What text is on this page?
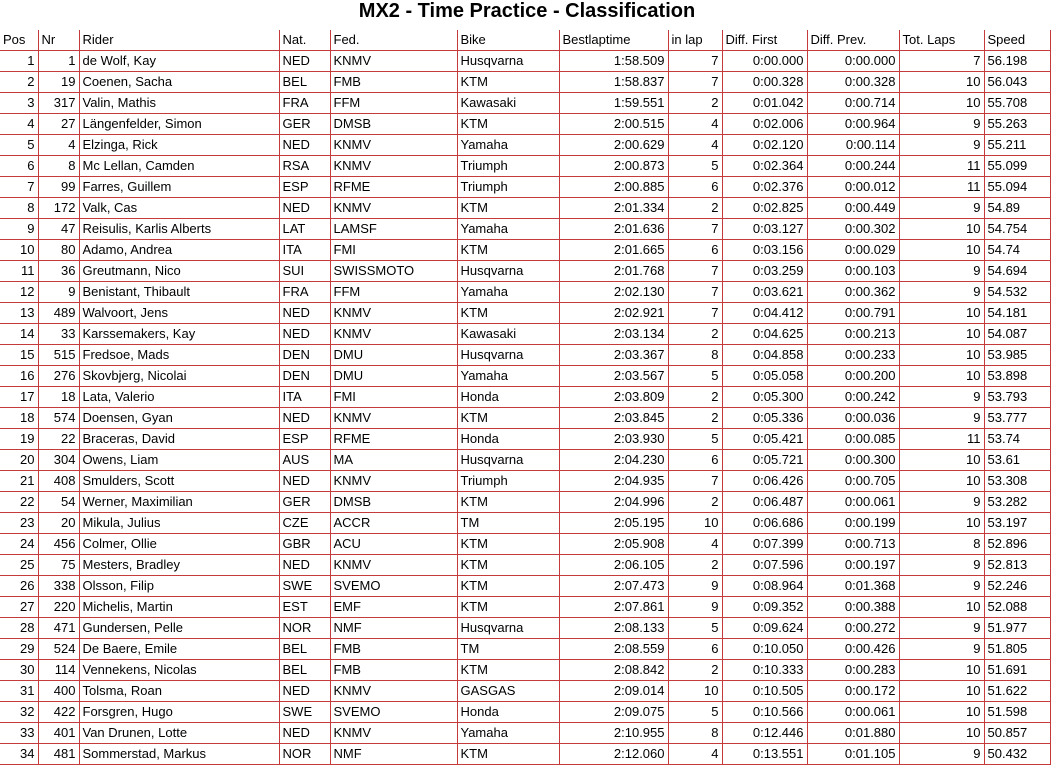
MX2 - Time Practice - Classification
Pos	Nr	Rider	Nat.	Fed.	Bike	Bestlaptime	in lap	Diff. First	Diff. Prev.	Tot. Laps	Speed
1	1	de Wolf, Kay	NED	KNMV	Husqvarna	1:58.509	7	0:00.000	0:00.000	7	56.198
2	19	Coenen, Sacha	BEL	FMB	KTM	1:58.837	7	0:00.328	0:00.328	10	56.043
3	317	Valin, Mathis	FRA	FFM	Kawasaki	1:59.551	2	0:01.042	0:00.714	10	55.708
4	27	Längenfelder, Simon	GER	DMSB	KTM	2:00.515	4	0:02.006	0:00.964	9	55.263
5	4	Elzinga, Rick	NED	KNMV	Yamaha	2:00.629	4	0:02.120	0:00.114	9	55.211
6	8	Mc Lellan, Camden	RSA	KNMV	Triumph	2:00.873	5	0:02.364	0:00.244	11	55.099
7	99	Farres, Guillem	ESP	RFME	Triumph	2:00.885	6	0:02.376	0:00.012	11	55.094
8	172	Valk, Cas	NED	KNMV	KTM	2:01.334	2	0:02.825	0:00.449	9	54.89
9	47	Reisulis, Karlis Alberts	LAT	LAMSF	Yamaha	2:01.636	7	0:03.127	0:00.302	10	54.754
10	80	Adamo, Andrea	ITA	FMI	KTM	2:01.665	6	0:03.156	0:00.029	10	54.74
11	36	Greutmann, Nico	SUI	SWISSMOTO	Husqvarna	2:01.768	7	0:03.259	0:00.103	9	54.694
12	9	Benistant, Thibault	FRA	FFM	Yamaha	2:02.130	7	0:03.621	0:00.362	9	54.532
13	489	Walvoort, Jens	NED	KNMV	KTM	2:02.921	7	0:04.412	0:00.791	10	54.181
14	33	Karssemakers, Kay	NED	KNMV	Kawasaki	2:03.134	2	0:04.625	0:00.213	10	54.087
15	515	Fredsoe, Mads	DEN	DMU	Husqvarna	2:03.367	8	0:04.858	0:00.233	10	53.985
16	276	Skovbjerg, Nicolai	DEN	DMU	Yamaha	2:03.567	5	0:05.058	0:00.200	10	53.898
17	18	Lata, Valerio	ITA	FMI	Honda	2:03.809	2	0:05.300	0:00.242	9	53.793
18	574	Doensen, Gyan	NED	KNMV	KTM	2:03.845	2	0:05.336	0:00.036	9	53.777
19	22	Braceras, David	ESP	RFME	Honda	2:03.930	5	0:05.421	0:00.085	11	53.74
20	304	Owens, Liam	AUS	MA	Husqvarna	2:04.230	6	0:05.721	0:00.300	10	53.61
21	408	Smulders, Scott	NED	KNMV	Triumph	2:04.935	7	0:06.426	0:00.705	10	53.308
22	54	Werner, Maximilian	GER	DMSB	KTM	2:04.996	2	0:06.487	0:00.061	9	53.282
23	20	Mikula, Julius	CZE	ACCR	TM	2:05.195	10	0:06.686	0:00.199	10	53.197
24	456	Colmer, Ollie	GBR	ACU	KTM	2:05.908	4	0:07.399	0:00.713	8	52.896
25	75	Mesters, Bradley	NED	KNMV	KTM	2:06.105	2	0:07.596	0:00.197	9	52.813
26	338	Olsson, Filip	SWE	SVEMO	KTM	2:07.473	9	0:08.964	0:01.368	9	52.246
27	220	Michelis, Martin	EST	EMF	KTM	2:07.861	9	0:09.352	0:00.388	10	52.088
28	471	Gundersen, Pelle	NOR	NMF	Husqvarna	2:08.133	5	0:09.624	0:00.272	9	51.977
29	524	De Baere, Emile	BEL	FMB	TM	2:08.559	6	0:10.050	0:00.426	9	51.805
30	114	Vennekens, Nicolas	BEL	FMB	KTM	2:08.842	2	0:10.333	0:00.283	10	51.691
31	400	Tolsma, Roan	NED	KNMV	GASGAS	2:09.014	10	0:10.505	0:00.172	10	51.622
32	422	Forsgren, Hugo	SWE	SVEMO	Honda	2:09.075	5	0:10.566	0:00.061	10	51.598
33	401	Van Drunen, Lotte	NED	KNMV	Yamaha	2:10.955	8	0:12.446	0:01.880	10	50.857
34	481	Sommerstad, Markus	NOR	NMF	KTM	2:12.060	4	0:13.551	0:01.105	9	50.432
